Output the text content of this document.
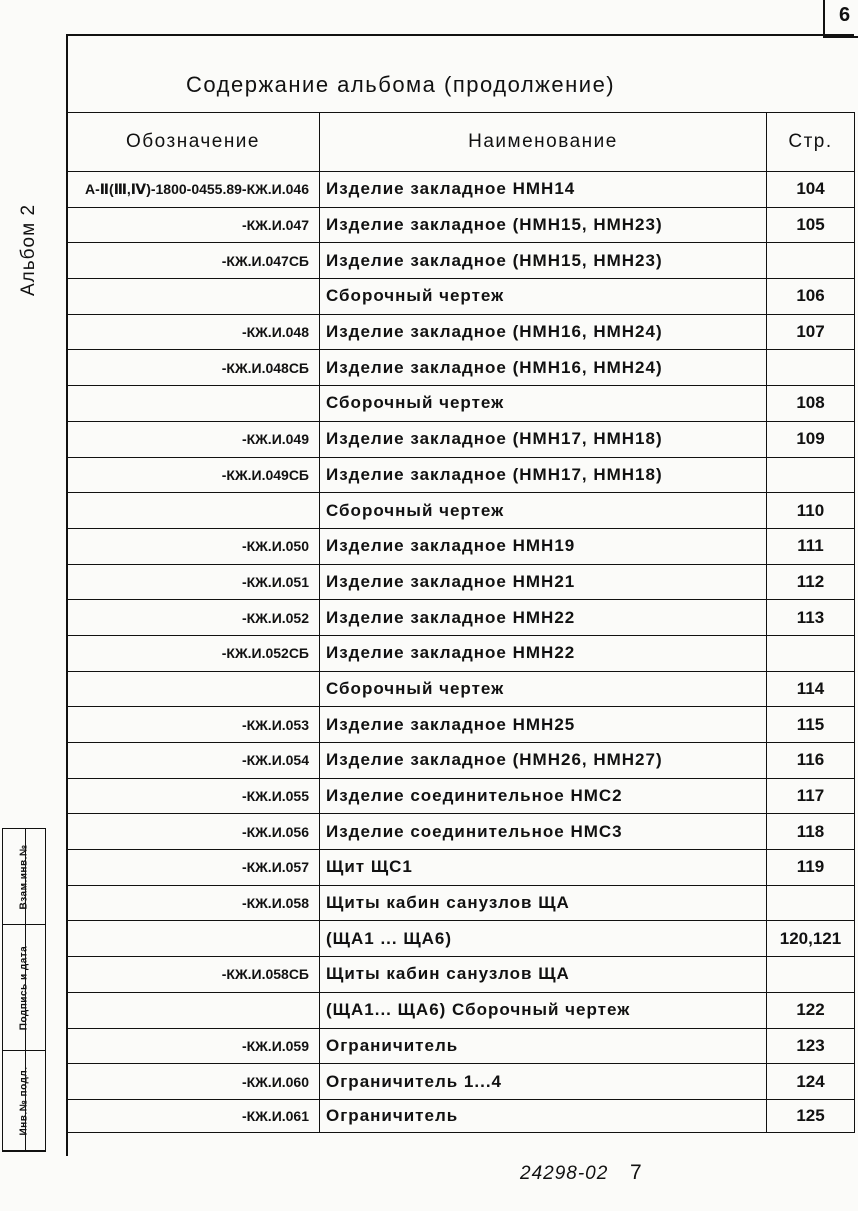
6
Содержание альбома (продолжение)
Альбом 2
Обозначение	Наименование	Стр.
А-Ⅱ(Ⅲ,Ⅳ)-1800-0455.89-КЖ.И.046	Изделие закладное НМН14	104
-КЖ.И.047	Изделие закладное (НМН15, НМН23)	105
-КЖ.И.047СБ	Изделие закладное (НМН15, НМН23)	
	Сборочный чертеж	106
-КЖ.И.048	Изделие закладное (НМН16, НМН24)	107
-КЖ.И.048СБ	Изделие закладное (НМН16, НМН24)	
	Сборочный чертеж	108
-КЖ.И.049	Изделие закладное (НМН17, НМН18)	109
-КЖ.И.049СБ	Изделие закладное (НМН17, НМН18)	
	Сборочный чертеж	110
-КЖ.И.050	Изделие закладное НМН19	111
-КЖ.И.051	Изделие закладное НМН21	112
-КЖ.И.052	Изделие закладное НМН22	113
-КЖ.И.052СБ	Изделие закладное НМН22	
	Сборочный чертеж	114
-КЖ.И.053	Изделие закладное НМН25	115
-КЖ.И.054	Изделие закладное (НМН26, НМН27)	116
-КЖ.И.055	Изделие соединительное НМС2	117
-КЖ.И.056	Изделие соединительное НМС3	118
-КЖ.И.057	Щит ЩС1	119
-КЖ.И.058	Щиты кабин санузлов ЩА	
	(ЩА1 ... ЩА6)	120,121
-КЖ.И.058СБ	Щиты кабин санузлов ЩА	
	(ЩА1... ЩА6) Сборочный чертеж	122
-КЖ.И.059	Ограничитель	123
-КЖ.И.060	Ограничитель 1...4	124
-КЖ.И.061	Ограничитель	125
Взам.инв.№
Подпись и дата
Инв.№ подл.
24298-02 7
